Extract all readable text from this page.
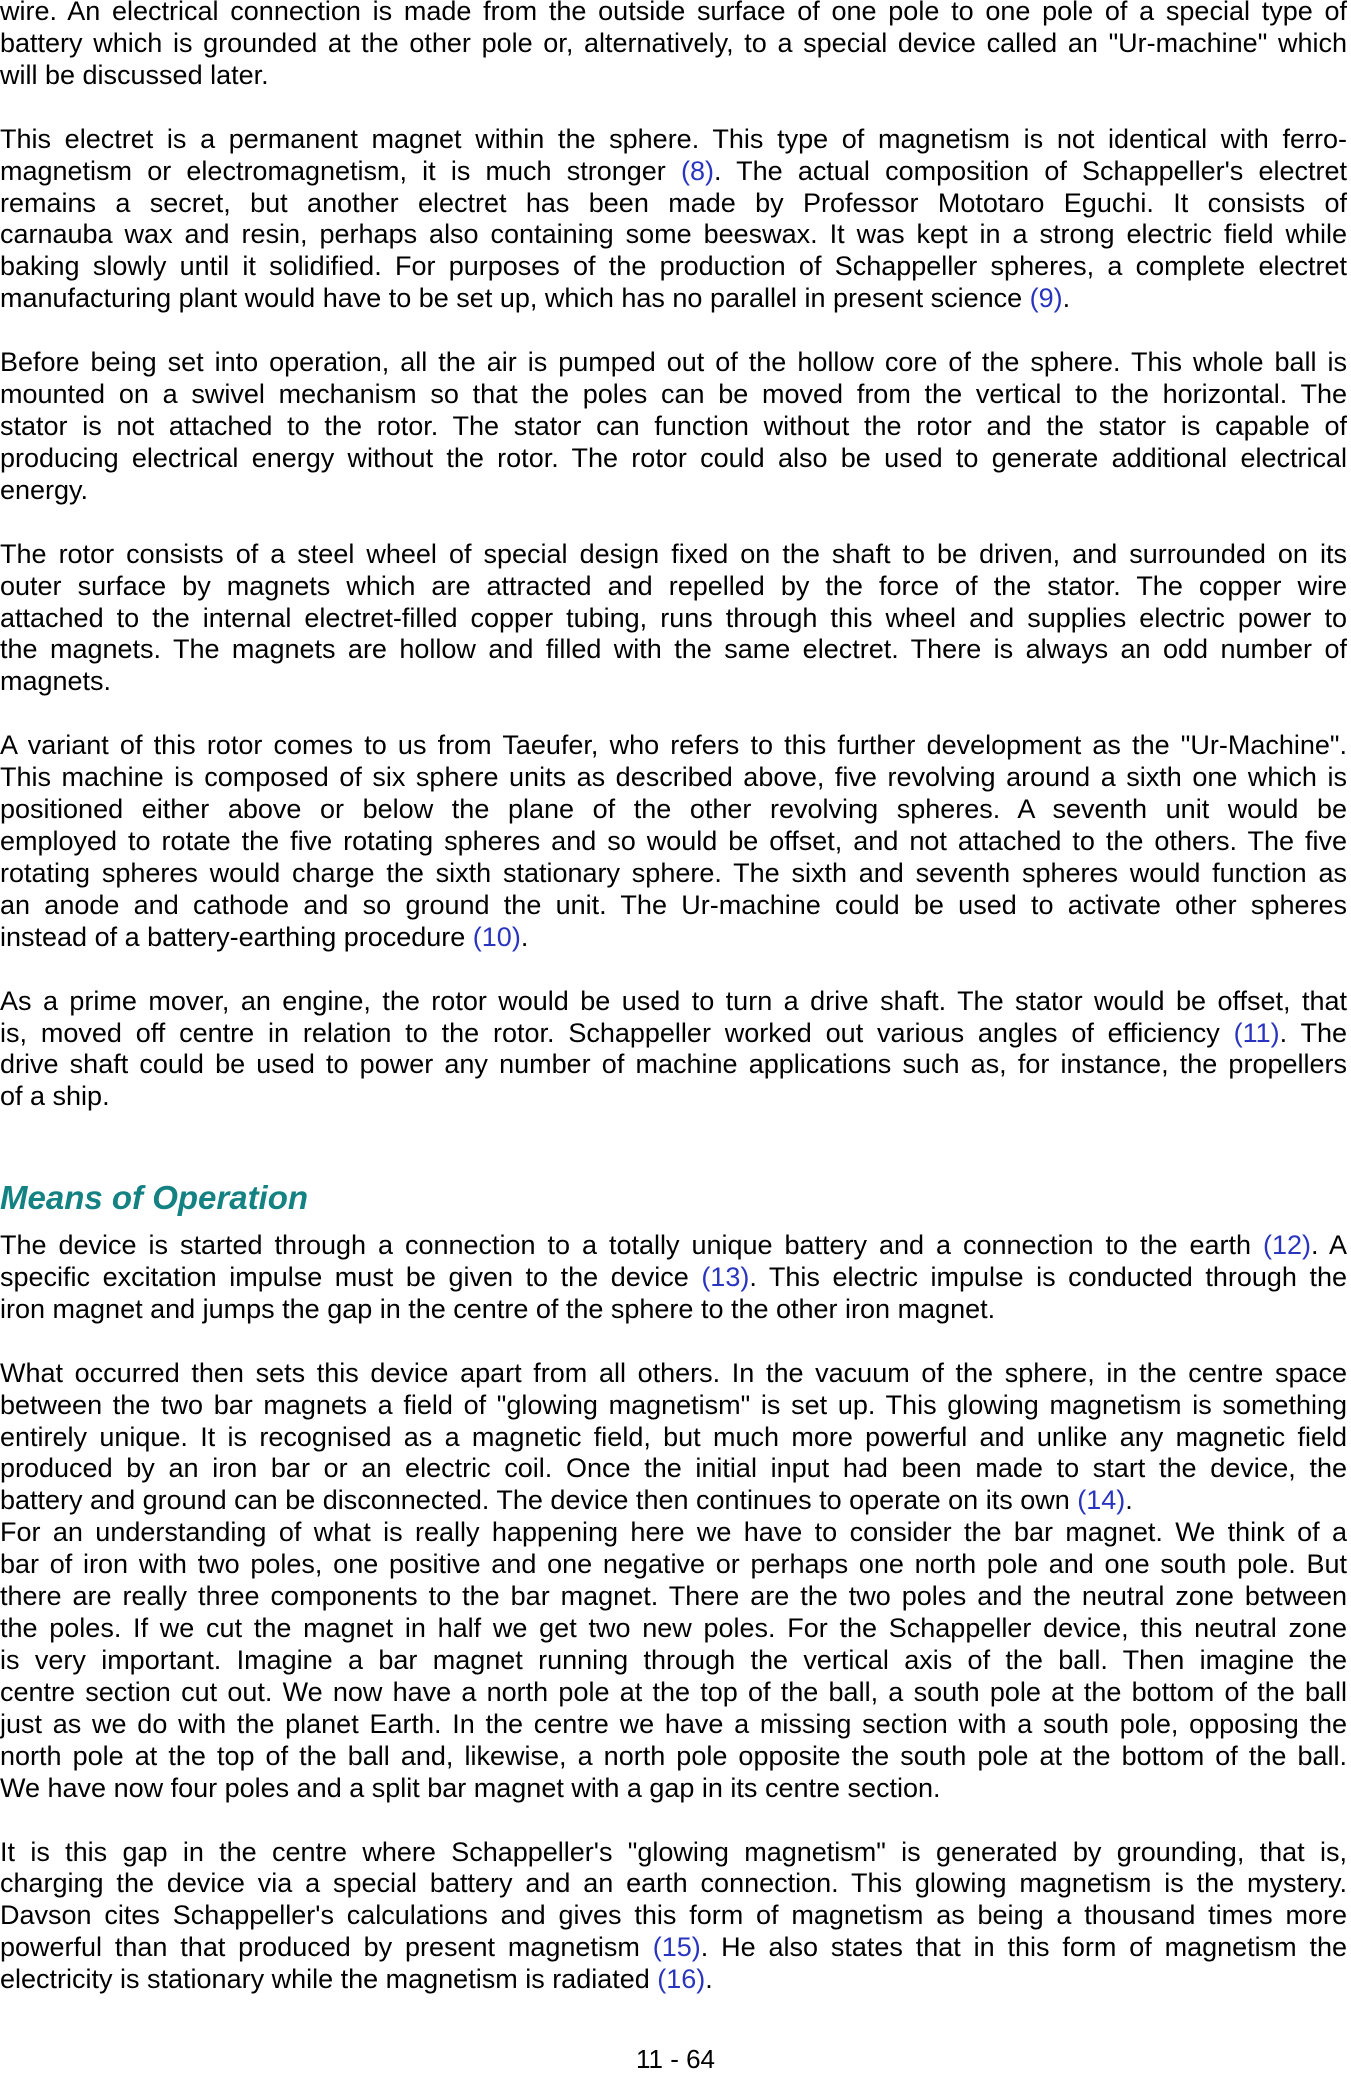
wire. An electrical connection is made from the outside surface of one pole to one pole of a special type of
battery which is grounded at the other pole or, alternatively, to a special device called an "Ur-machine" which
will be discussed later.
This electret is a permanent magnet within the sphere. This type of magnetism is not identical with ferro-
magnetism or electromagnetism, it is much stronger (8). The actual composition of Schappeller's electret
remains a secret, but another electret has been made by Professor Mototaro Eguchi. It consists of
carnauba wax and resin, perhaps also containing some beeswax. It was kept in a strong electric field while
baking slowly until it solidified. For purposes of the production of Schappeller spheres, a complete electret
manufacturing plant would have to be set up, which has no parallel in present science (9).
Before being set into operation, all the air is pumped out of the hollow core of the sphere. This whole ball is
mounted on a swivel mechanism so that the poles can be moved from the vertical to the horizontal. The
stator is not attached to the rotor. The stator can function without the rotor and the stator is capable of
producing electrical energy without the rotor. The rotor could also be used to generate additional electrical
energy.
The rotor consists of a steel wheel of special design fixed on the shaft to be driven, and surrounded on its
outer surface by magnets which are attracted and repelled by the force of the stator. The copper wire
attached to the internal electret-filled copper tubing, runs through this wheel and supplies electric power to
the magnets. The magnets are hollow and filled with the same electret. There is always an odd number of
magnets.
A variant of this rotor comes to us from Taeufer, who refers to this further development as the "Ur-Machine".
This machine is composed of six sphere units as described above, five revolving around a sixth one which is
positioned either above or below the plane of the other revolving spheres. A seventh unit would be
employed to rotate the five rotating spheres and so would be offset, and not attached to the others. The five
rotating spheres would charge the sixth stationary sphere. The sixth and seventh spheres would function as
an anode and cathode and so ground the unit. The Ur-machine could be used to activate other spheres
instead of a battery-earthing procedure (10).
As a prime mover, an engine, the rotor would be used to turn a drive shaft. The stator would be offset, that
is, moved off centre in relation to the rotor. Schappeller worked out various angles of efficiency (11). The
drive shaft could be used to power any number of machine applications such as, for instance, the propellers
of a ship.
Means of Operation
The device is started through a connection to a totally unique battery and a connection to the earth (12). A
specific excitation impulse must be given to the device (13). This electric impulse is conducted through the
iron magnet and jumps the gap in the centre of the sphere to the other iron magnet.
What occurred then sets this device apart from all others. In the vacuum of the sphere, in the centre space
between the two bar magnets a field of "glowing magnetism" is set up. This glowing magnetism is something
entirely unique. It is recognised as a magnetic field, but much more powerful and unlike any magnetic field
produced by an iron bar or an electric coil. Once the initial input had been made to start the device, the
battery and ground can be disconnected. The device then continues to operate on its own (14).
For an understanding of what is really happening here we have to consider the bar magnet. We think of a
bar of iron with two poles, one positive and one negative or perhaps one north pole and one south pole. But
there are really three components to the bar magnet. There are the two poles and the neutral zone between
the poles. If we cut the magnet in half we get two new poles. For the Schappeller device, this neutral zone
is very important. Imagine a bar magnet running through the vertical axis of the ball. Then imagine the
centre section cut out. We now have a north pole at the top of the ball, a south pole at the bottom of the ball
just as we do with the planet Earth. In the centre we have a missing section with a south pole, opposing the
north pole at the top of the ball and, likewise, a north pole opposite the south pole at the bottom of the ball.
We have now four poles and a split bar magnet with a gap in its centre section.
It is this gap in the centre where Schappeller's "glowing magnetism" is generated by grounding, that is,
charging the device via a special battery and an earth connection. This glowing magnetism is the mystery.
Davson cites Schappeller's calculations and gives this form of magnetism as being a thousand times more
powerful than that produced by present magnetism (15). He also states that in this form of magnetism the
electricity is stationary while the magnetism is radiated (16).
11 - 64
